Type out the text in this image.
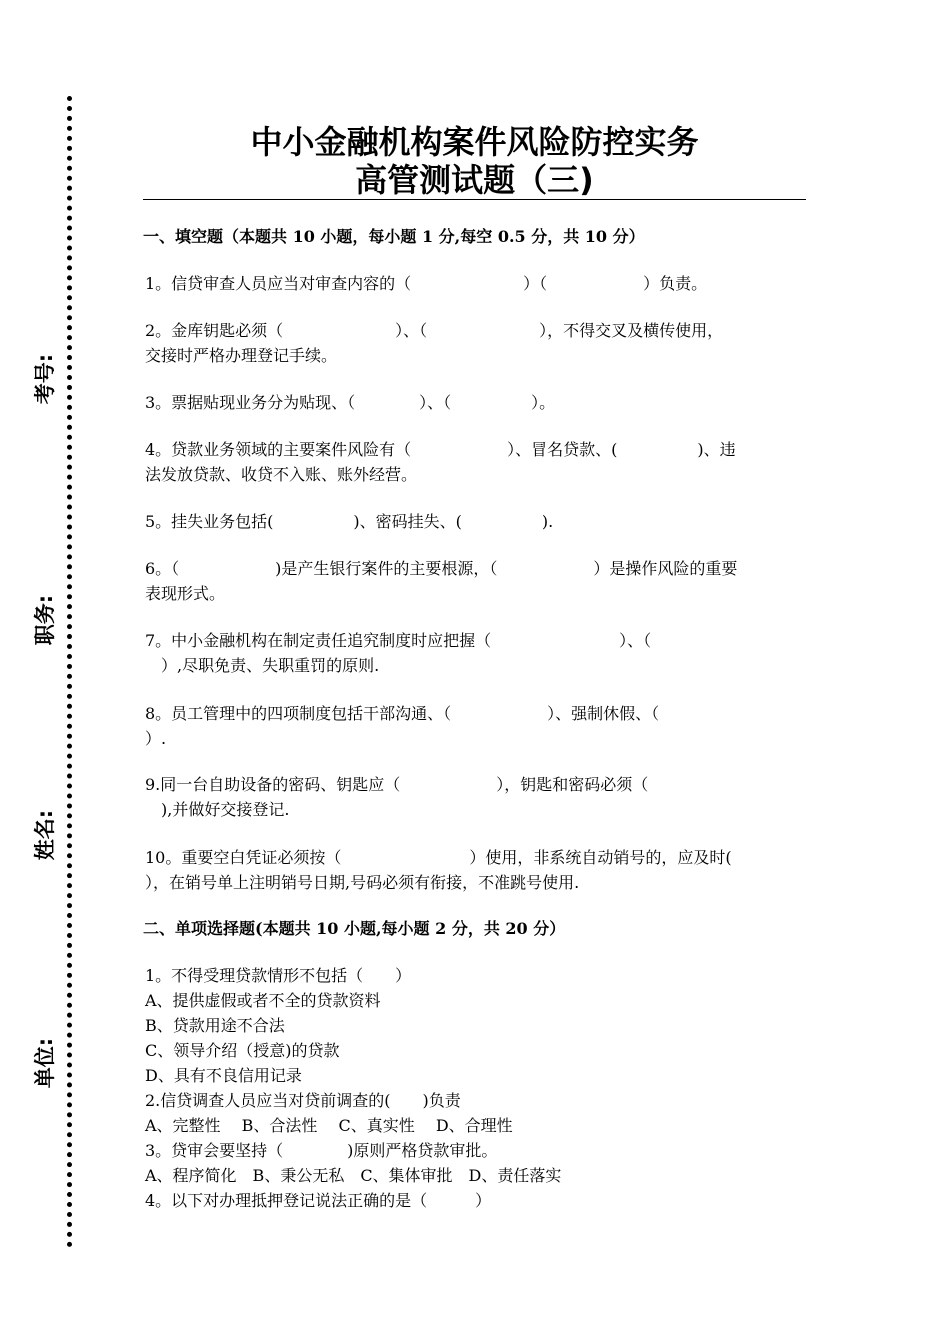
考号:
职务:
姓名:
单位:
中小金融机构案件风险防控实务
高管测试题（三)
一、填空题（本题共 10 小题，每小题 1 分,每空 0.5 分，共 10 分）
1。信贷审查人员应当对审查内容的（　　　　　　　）（　　　　　　）负责。
2。金库钥匙必须（　　　　　　　）、（　　　　　　　），不得交叉及横传使用，
交接时严格办理登记手续。
3。票据贴现业务分为贴现、（　　　　）、（　　　　　）。
4。贷款业务领域的主要案件风险有（　　　　　　）、冒名贷款、(　　　　　)、违
法发放贷款、收贷不入账、账外经营。
5。挂失业务包括(　　　　　)、密码挂失、(　　　　　).
6。（　　　　　　)是产生银行案件的主要根源，（　　　　　　）是操作风险的重要
表现形式。
7。中小金融机构在制定责任追究制度时应把握（　　　　　　　　）、（
　）,尽职免责、失职重罚的原则.
8。员工管理中的四项制度包括干部沟通、（　　　　　　）、强制休假、（
）.
9.同一台自助设备的密码、钥匙应（　　　　　　），钥匙和密码必须（
　),并做好交接登记.
10。重要空白凭证必须按（　　　　　　　　）使用，非系统自动销号的，应及时(
），在销号单上注明销号日期,号码必须有衔接，不准跳号使用.
二、单项选择题(本题共 10 小题,每小题 2 分，共 20 分）
1。不得受理贷款情形不包括（　　）
A、提供虚假或者不全的贷款资料
B、贷款用途不合法
C、领导介绍（授意)的贷款
D、具有不良信用记录
2.信贷调查人员应当对贷前调查的(　　)负责
A、完整性　 B、合法性　 C、真实性　 D、合理性
3。贷审会要坚持（　　　　)原则严格贷款审批。
A、程序简化　B、秉公无私　C、集体审批　D、责任落实
4。以下对办理抵押登记说法正确的是（　　　）
